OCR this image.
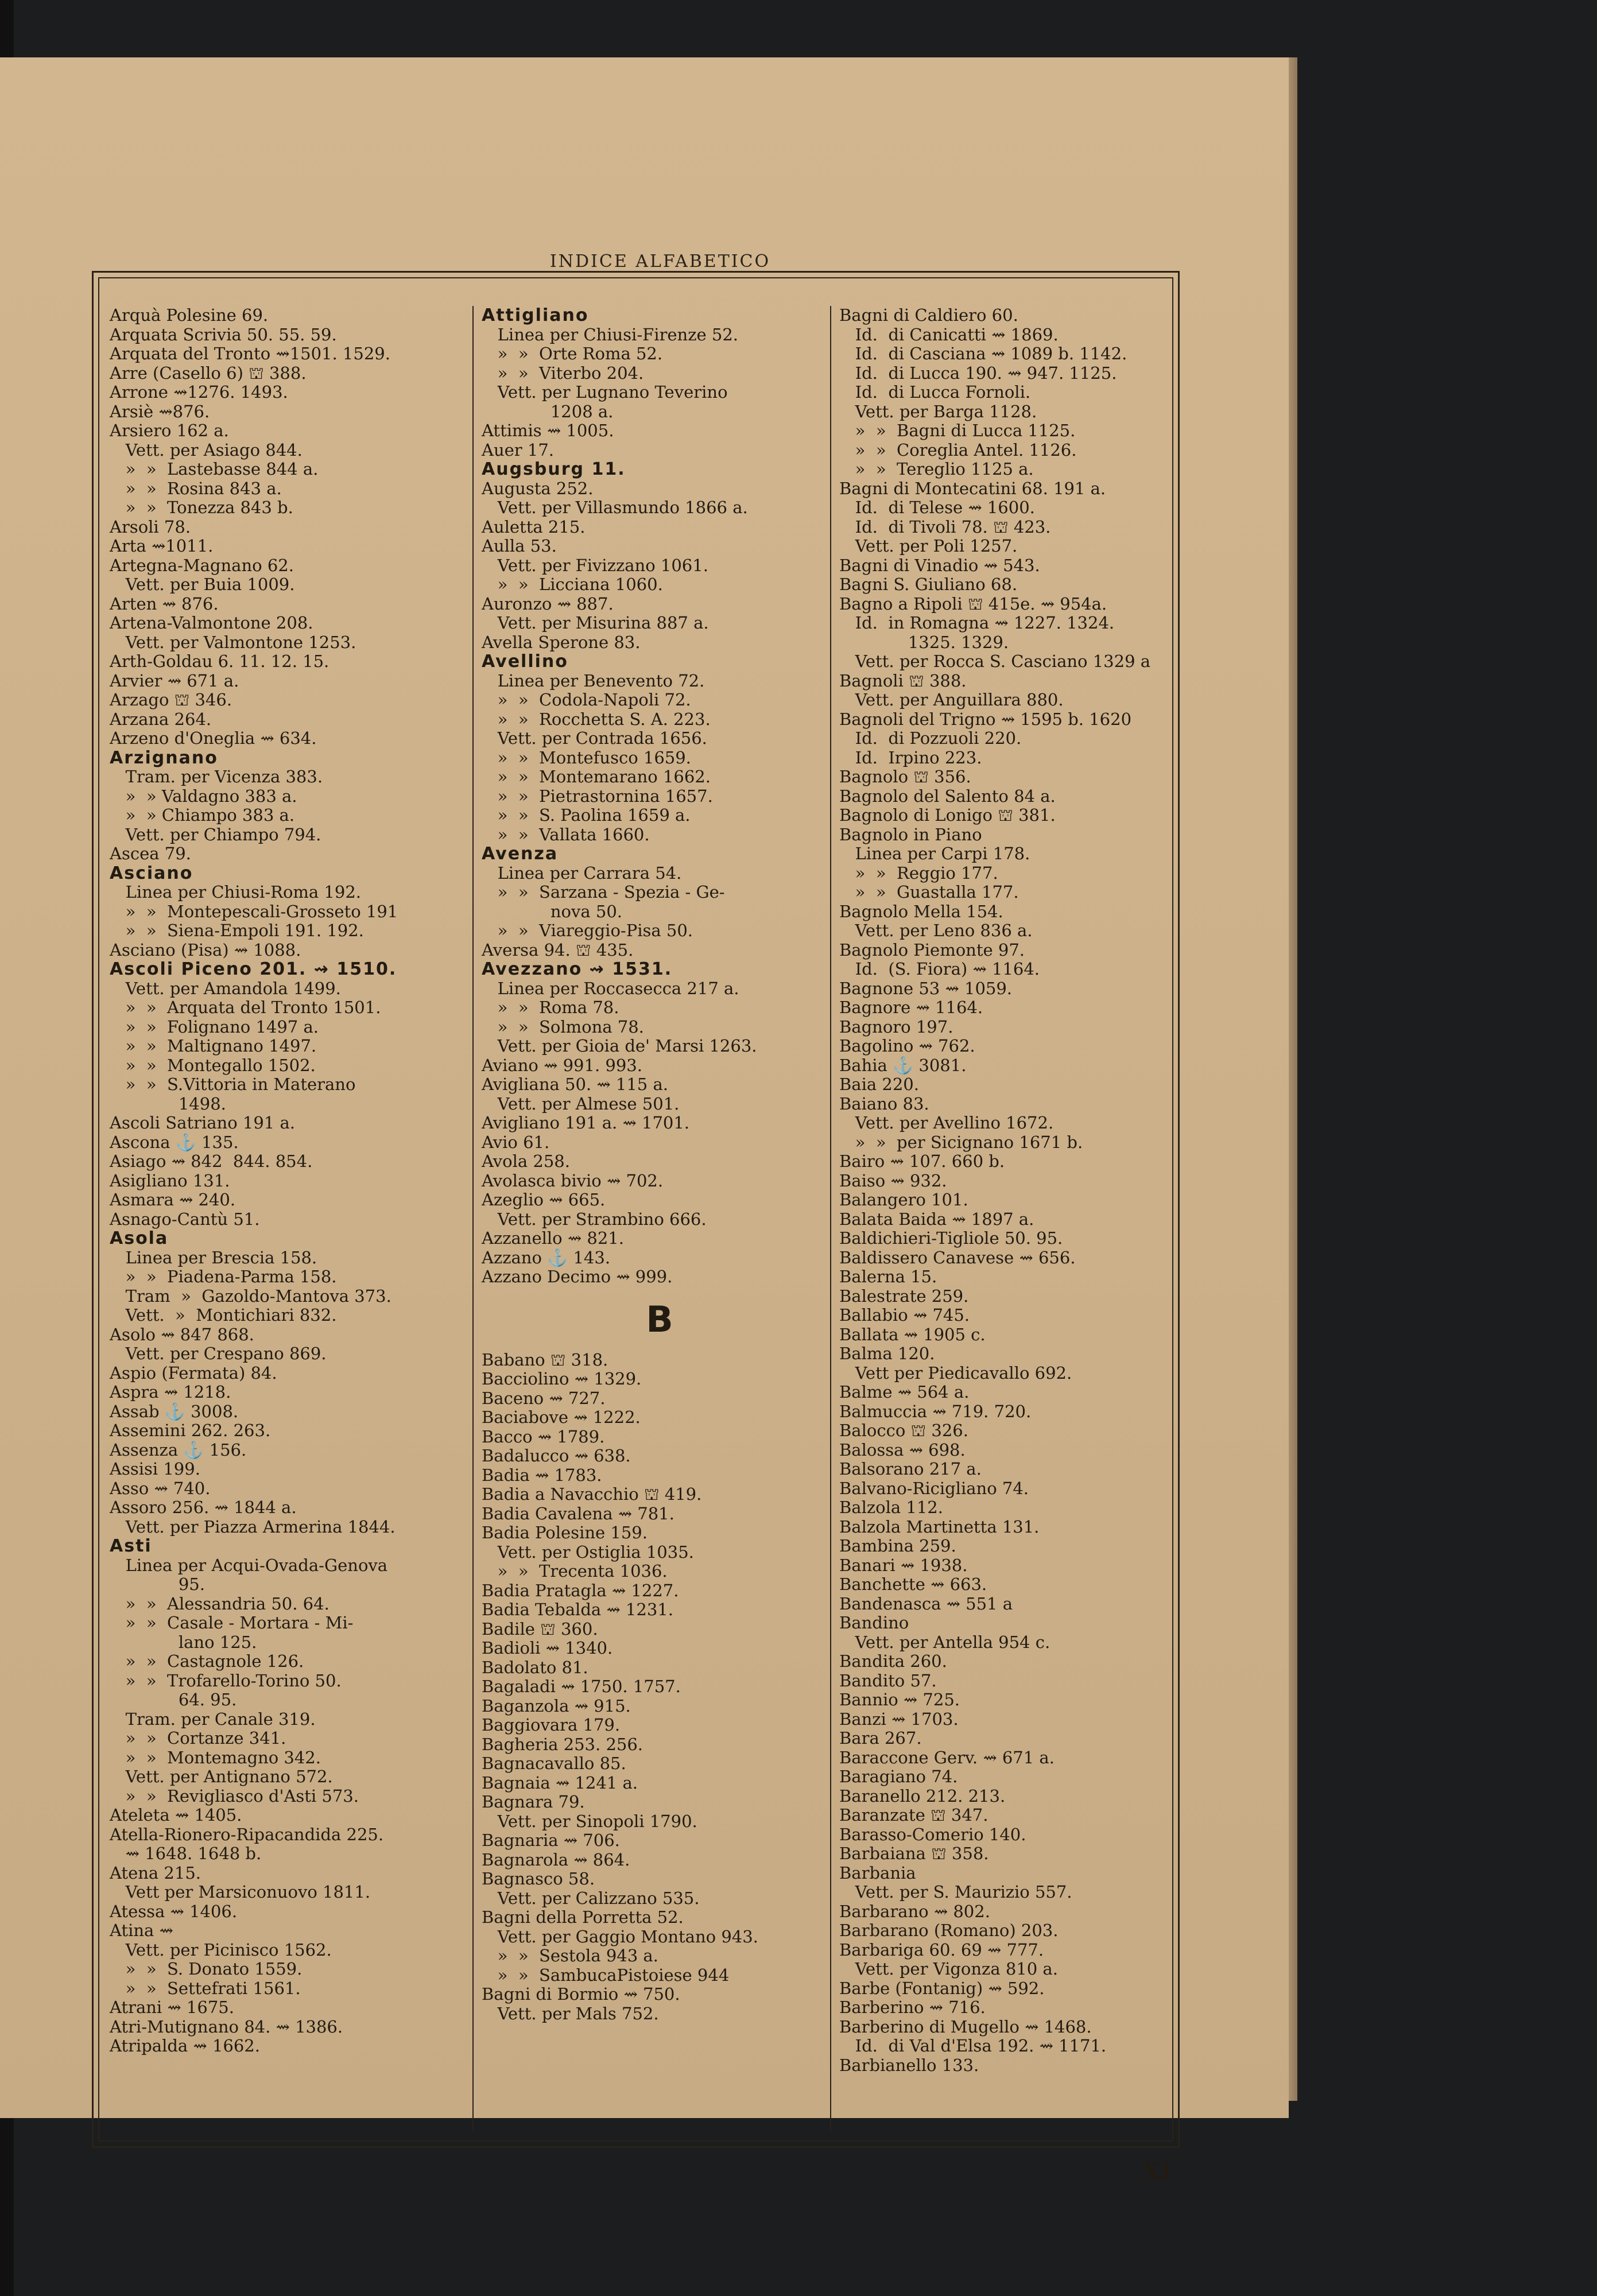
INDICE ALFABETICO
Arquà Polesine 69.
Arquata Scrivia 50. 55. 59.
Arquata del Tronto ⇝1501. 1529.
Arre (Casello 6) ⛫ 388.
Arrone ⇝1276. 1493.
Arsiè ⇝876.
Arsiero 162 a.
Vett. per Asiago 844.
»  »  Lastebasse 844 a.
»  »  Rosina 843 a.
»  »  Tonezza 843 b.
Arsoli 78.
Arta ⇝1011.
Artegna-Magnano 62.
Vett. per Buia 1009.
Arten ⇝ 876.
Artena-Valmontone 208.
Vett. per Valmontone 1253.
Arth-Goldau 6. 11. 12. 15.
Arvier ⇝ 671 a.
Arzago ⛫ 346.
Arzana 264.
Arzeno d'Oneglia ⇝ 634.
Arzignano
Tram. per Vicenza 383.
»  » Valdagno 383 a.
»  » Chiampo 383 a.
Vett. per Chiampo 794.
Ascea 79.
Asciano
Linea per Chiusi-Roma 192.
»  »  Montepescali-Grosseto 191
»  »  Siena-Empoli 191. 192.
Asciano (Pisa) ⇝ 1088.
Ascoli Piceno 201. ⇝ 1510.
Vett. per Amandola 1499.
»  »  Arquata del Tronto 1501.
»  »  Folignano 1497 a.
»  »  Maltignano 1497.
»  »  Montegallo 1502.
»  »  S.Vittoria in Materano
1498.
Ascoli Satriano 191 a.
Ascona ⚓ 135.
Asiago ⇝ 842  844. 854.
Asigliano 131.
Asmara ⇝ 240.
Asnago-Cantù 51.
Asola
Linea per Brescia 158.
»  »  Piadena-Parma 158.
Tram  »  Gazoldo-Mantova 373.
Vett.  »  Montichiari 832.
Asolo ⇝ 847 868.
Vett. per Crespano 869.
Aspio (Fermata) 84.
Aspra ⇝ 1218.
Assab ⚓ 3008.
Assemini 262. 263.
Assenza ⚓ 156.
Assisi 199.
Asso ⇝ 740.
Assoro 256. ⇝ 1844 a.
Vett. per Piazza Armerina 1844.
Asti
Linea per Acqui-Ovada-Genova
95.
»  »  Alessandria 50. 64.
»  »  Casale - Mortara - Mi-
lano 125.
»  »  Castagnole 126.
»  »  Trofarello-Torino 50.
64. 95.
Tram. per Canale 319.
»  »  Cortanze 341.
»  »  Montemagno 342.
Vett. per Antignano 572.
»  »  Revigliasco d'Asti 573.
Ateleta ⇝ 1405.
Atella-Rionero-Ripacandida 225.
⇝ 1648. 1648 b.
Atena 215.
Vett per Marsiconuovo 1811.
Atessa ⇝ 1406.
Atina ⇝
Vett. per Picinisco 1562.
»  »  S. Donato 1559.
»  »  Settefrati 1561.
Atrani ⇝ 1675.
Atri-Mutignano 84. ⇝ 1386.
Atripalda ⇝ 1662.
Attigliano
Linea per Chiusi-Firenze 52.
»  »  Orte Roma 52.
»  »  Viterbo 204.
Vett. per Lugnano Teverino
1208 a.
Attimis ⇝ 1005.
Auer 17.
Augsburg 11.
Augusta 252.
Vett. per Villasmundo 1866 a.
Auletta 215.
Aulla 53.
Vett. per Fivizzano 1061.
»  »  Licciana 1060.
Auronzo ⇝ 887.
Vett. per Misurina 887 a.
Avella Sperone 83.
Avellino
Linea per Benevento 72.
»  »  Codola-Napoli 72.
»  »  Rocchetta S. A. 223.
Vett. per Contrada 1656.
»  »  Montefusco 1659.
»  »  Montemarano 1662.
»  »  Pietrastornina 1657.
»  »  S. Paolina 1659 a.
»  »  Vallata 1660.
Avenza
Linea per Carrara 54.
»  »  Sarzana - Spezia - Ge-
nova 50.
»  »  Viareggio-Pisa 50.
Aversa 94. ⛫ 435.
Avezzano ⇝ 1531.
Linea per Roccasecca 217 a.
»  »  Roma 78.
»  »  Solmona 78.
Vett. per Gioia de' Marsi 1263.
Aviano ⇝ 991. 993.
Avigliana 50. ⇝ 115 a.
Vett. per Almese 501.
Avigliano 191 a. ⇝ 1701.
Avio 61.
Avola 258.
Avolasca bivio ⇝ 702.
Azeglio ⇝ 665.
Vett. per Strambino 666.
Azzanello ⇝ 821.
Azzano ⚓ 143.
Azzano Decimo ⇝ 999.
B
Babano ⛫ 318.
Bacciolino ⇝ 1329.
Baceno ⇝ 727.
Baciabove ⇝ 1222.
Bacco ⇝ 1789.
Badalucco ⇝ 638.
Badia ⇝ 1783.
Badia a Navacchio ⛫ 419.
Badia Cavalena ⇝ 781.
Badia Polesine 159.
Vett. per Ostiglia 1035.
»  »  Trecenta 1036.
Badia Pratagla ⇝ 1227.
Badia Tebalda ⇝ 1231.
Badile ⛫ 360.
Badioli ⇝ 1340.
Badolato 81.
Bagaladi ⇝ 1750. 1757.
Baganzola ⇝ 915.
Baggiovara 179.
Bagheria 253. 256.
Bagnacavallo 85.
Bagnaia ⇝ 1241 a.
Bagnara 79.
Vett. per Sinopoli 1790.
Bagnaria ⇝ 706.
Bagnarola ⇝ 864.
Bagnasco 58.
Vett. per Calizzano 535.
Bagni della Porretta 52.
Vett. per Gaggio Montano 943.
»  »  Sestola 943 a.
»  »  SambucaPistoiese 944
Bagni di Bormio ⇝ 750.
Vett. per Mals 752.
Bagni di Caldiero 60.
Id.  di Canicatti ⇝ 1869.
Id.  di Casciana ⇝ 1089 b. 1142.
Id.  di Lucca 190. ⇝ 947. 1125.
Id.  di Lucca Fornoli.
Vett. per Barga 1128.
»  »  Bagni di Lucca 1125.
»  »  Coreglia Antel. 1126.
»  »  Tereglio 1125 a.
Bagni di Montecatini 68. 191 a.
Id.  di Telese ⇝ 1600.
Id.  di Tivoli 78. ⛫ 423.
Vett. per Poli 1257.
Bagni di Vinadio ⇝ 543.
Bagni S. Giuliano 68.
Bagno a Ripoli ⛫ 415e. ⇝ 954a.
Id.  in Romagna ⇝ 1227. 1324.
1325. 1329.
Vett. per Rocca S. Casciano 1329 a
Bagnoli ⛫ 388.
Vett. per Anguillara 880.
Bagnoli del Trigno ⇝ 1595 b. 1620
Id.  di Pozzuoli 220.
Id.  Irpino 223.
Bagnolo ⛫ 356.
Bagnolo del Salento 84 a.
Bagnolo di Lonigo ⛫ 381.
Bagnolo in Piano
Linea per Carpi 178.
»  »  Reggio 177.
»  »  Guastalla 177.
Bagnolo Mella 154.
Vett. per Leno 836 a.
Bagnolo Piemonte 97.
Id.  (S. Fiora) ⇝ 1164.
Bagnone 53 ⇝ 1059.
Bagnore ⇝ 1164.
Bagnoro 197.
Bagolino ⇝ 762.
Bahia ⚓ 3081.
Baia 220.
Baiano 83.
Vett. per Avellino 1672.
»  »  per Sicignano 1671 b.
Bairo ⇝ 107. 660 b.
Baiso ⇝ 932.
Balangero 101.
Balata Baida ⇝ 1897 a.
Baldichieri-Tigliole 50. 95.
Baldissero Canavese ⇝ 656.
Balerna 15.
Balestrate 259.
Ballabio ⇝ 745.
Ballata ⇝ 1905 c.
Balma 120.
Vett per Piedicavallo 692.
Balme ⇝ 564 a.
Balmuccia ⇝ 719. 720.
Balocco ⛫ 326.
Balossa ⇝ 698.
Balsorano 217 a.
Balvano-Ricigliano 74.
Balzola 112.
Balzola Martinetta 131.
Bambina 259.
Banari ⇝ 1938.
Banchette ⇝ 663.
Bandenasca ⇝ 551 a
Bandino
Vett. per Antella 954 c.
Bandita 260.
Bandito 57.
Bannio ⇝ 725.
Banzi ⇝ 1703.
Bara 267.
Baraccone Gerv. ⇝ 671 a.
Baragiano 74.
Baranello 212. 213.
Baranzate ⛫ 347.
Barasso-Comerio 140.
Barbaiana ⛫ 358.
Barbania
Vett. per S. Maurizio 557.
Barbarano ⇝ 802.
Barbarano (Romano) 203.
Barbariga 60. 69 ⇝ 777.
Vett. per Vigonza 810 a.
Barbe (Fontanig) ⇝ 592.
Barberino ⇝ 716.
Barberino di Mugello ⇝ 1468.
Id.  di Val d'Elsa 192. ⇝ 1171.
Barbianello 133.
XI
